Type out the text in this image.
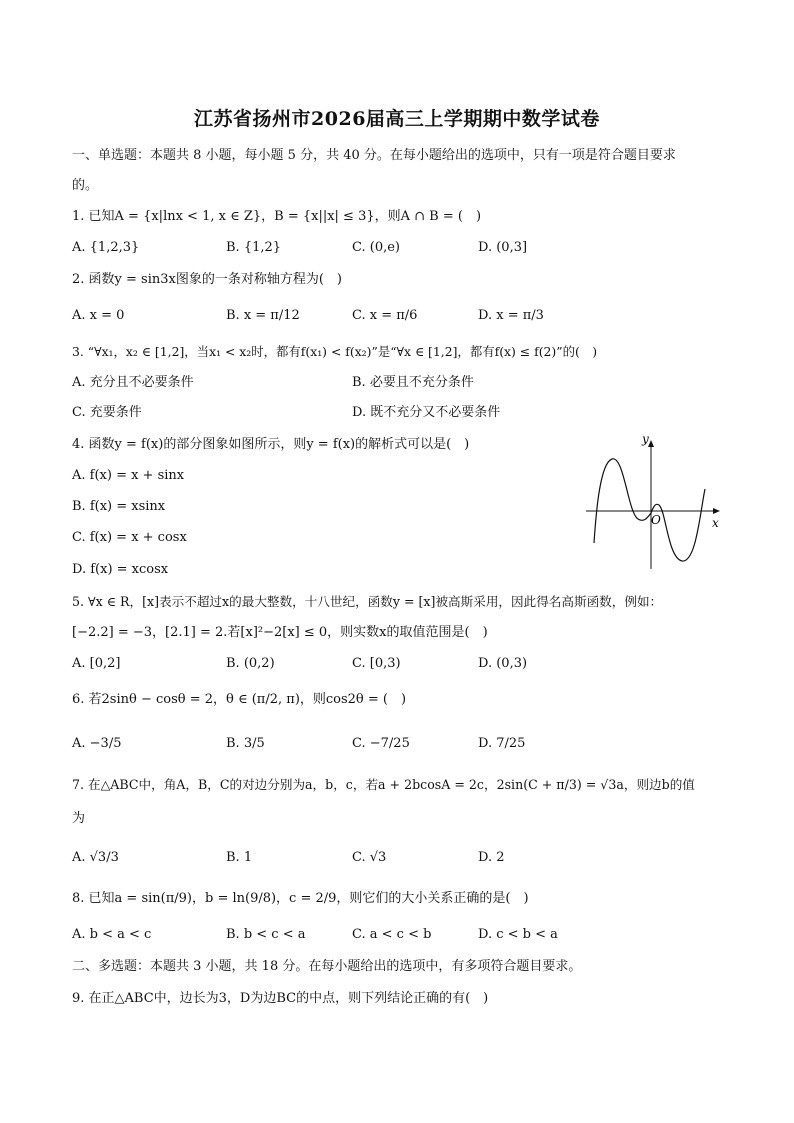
江苏省扬州市2026届高三上学期期中数学试卷
一、单选题：本题共 8 小题，每小题 5 分，共 40 分。在每小题给出的选项中，只有一项是符合题目要求
的。
1. 已知A = {x|lnx < 1, x ∈ Z}，B = {x||x| ≤ 3}，则A ∩ B = (　)
A. {1,2,3}	B. {1,2}	C. (0,e)	D. (0,3]
2. 函数y = sin3x图象的一条对称轴方程为(　)
A. x = 0	B. x = π/12	C. x = π/6	D. x = π/3
3. “∀x₁，x₂ ∈ [1,2]，当x₁ < x₂时，都有f(x₁) < f(x₂)”是“∀x ∈ [1,2]，都有f(x) ≤ f(2)”的(　)
A. 充分且不必要条件	B. 必要且不充分条件
C. 充要条件	D. 既不充分又不必要条件
4. 函数y = f(x)的部分图象如图所示，则y = f(x)的解析式可以是(　)
A. f(x) = x + sinx
B. f(x) = xsinx
C. f(x) = x + cosx
D. f(x) = xcosx
y
x
O
5. ∀x ∈ R，[x]表示不超过x的最大整数，十八世纪，函数y = [x]被高斯采用，因此得名高斯函数，例如：
[−2.2] = −3，[2.1] = 2.若[x]²−2[x] ≤ 0，则实数x的取值范围是(　)
A. [0,2]	B. (0,2)	C. [0,3)	D. (0,3)
6. 若2sinθ − cosθ = 2，θ ∈ (π/2, π)，则cos2θ = (　)
A. −3/5	B. 3/5	C. −7/25	D. 7/25
7. 在△ABC中，角A，B，C的对边分别为a，b，c，若a + 2bcosA = 2c，2sin(C + π/3) = √3a，则边b的值
为
A. √3/3	B. 1	C. √3	D. 2
8. 已知a = sin(π/9)，b = ln(9/8)，c = 2/9，则它们的大小关系正确的是(　)
A. b < a < c	B. b < c < a	C. a < c < b	D. c < b < a
二、多选题：本题共 3 小题，共 18 分。在每小题给出的选项中，有多项符合题目要求。
9. 在正△ABC中，边长为3，D为边BC的中点，则下列结论正确的有(　)
